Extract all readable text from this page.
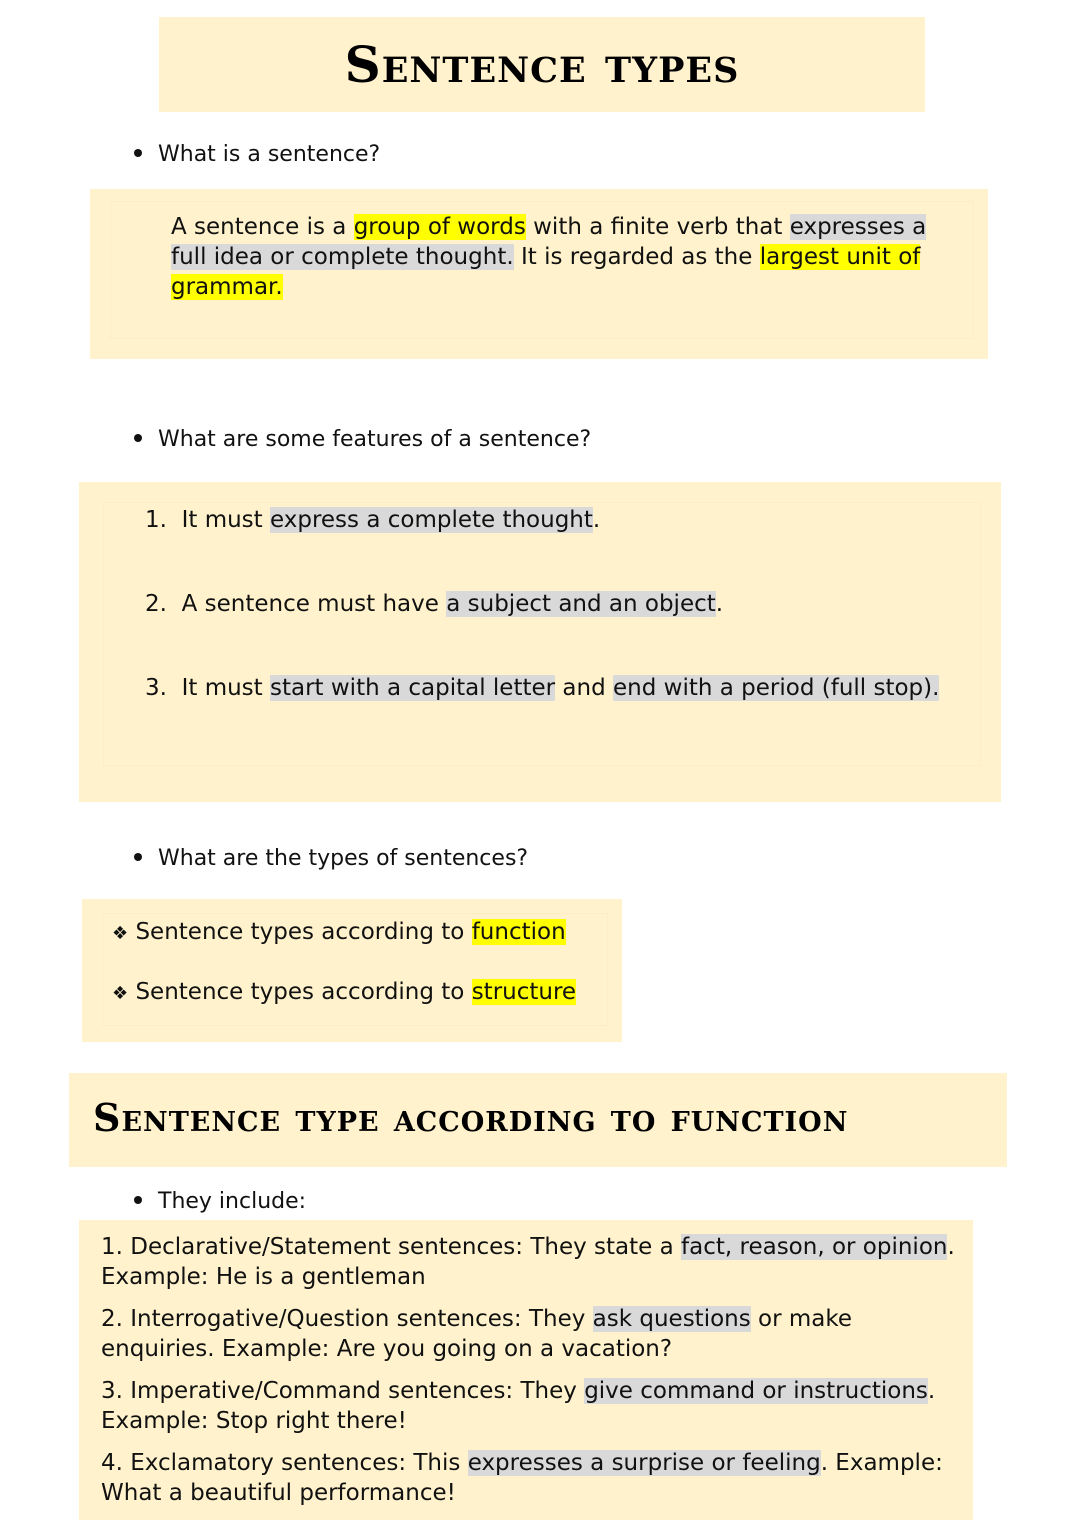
Sentence types
What is a sentence?
A sentence is a group of words with a finite verb that expresses a full idea or complete thought. It is regarded as the largest unit of grammar.
What are some features of a sentence?
1. It must express a complete thought.
2. A sentence must have a subject and an object.
3. It must start with a capital letter and end with a period (full stop).
What are the types of sentences?
❖ Sentence types according to function
❖ Sentence types according to structure
Sentence type according to function
They include:
1. Declarative/Statement sentences: They state a fact, reason, or opinion. Example: He is a gentleman
2. Interrogative/Question sentences: They ask questions or make enquiries. Example: Are you going on a vacation?
3. Imperative/Command sentences: They give command or instructions. Example: Stop right there!
4. Exclamatory sentences: This expresses a surprise or feeling. Example: What a beautiful performance!
